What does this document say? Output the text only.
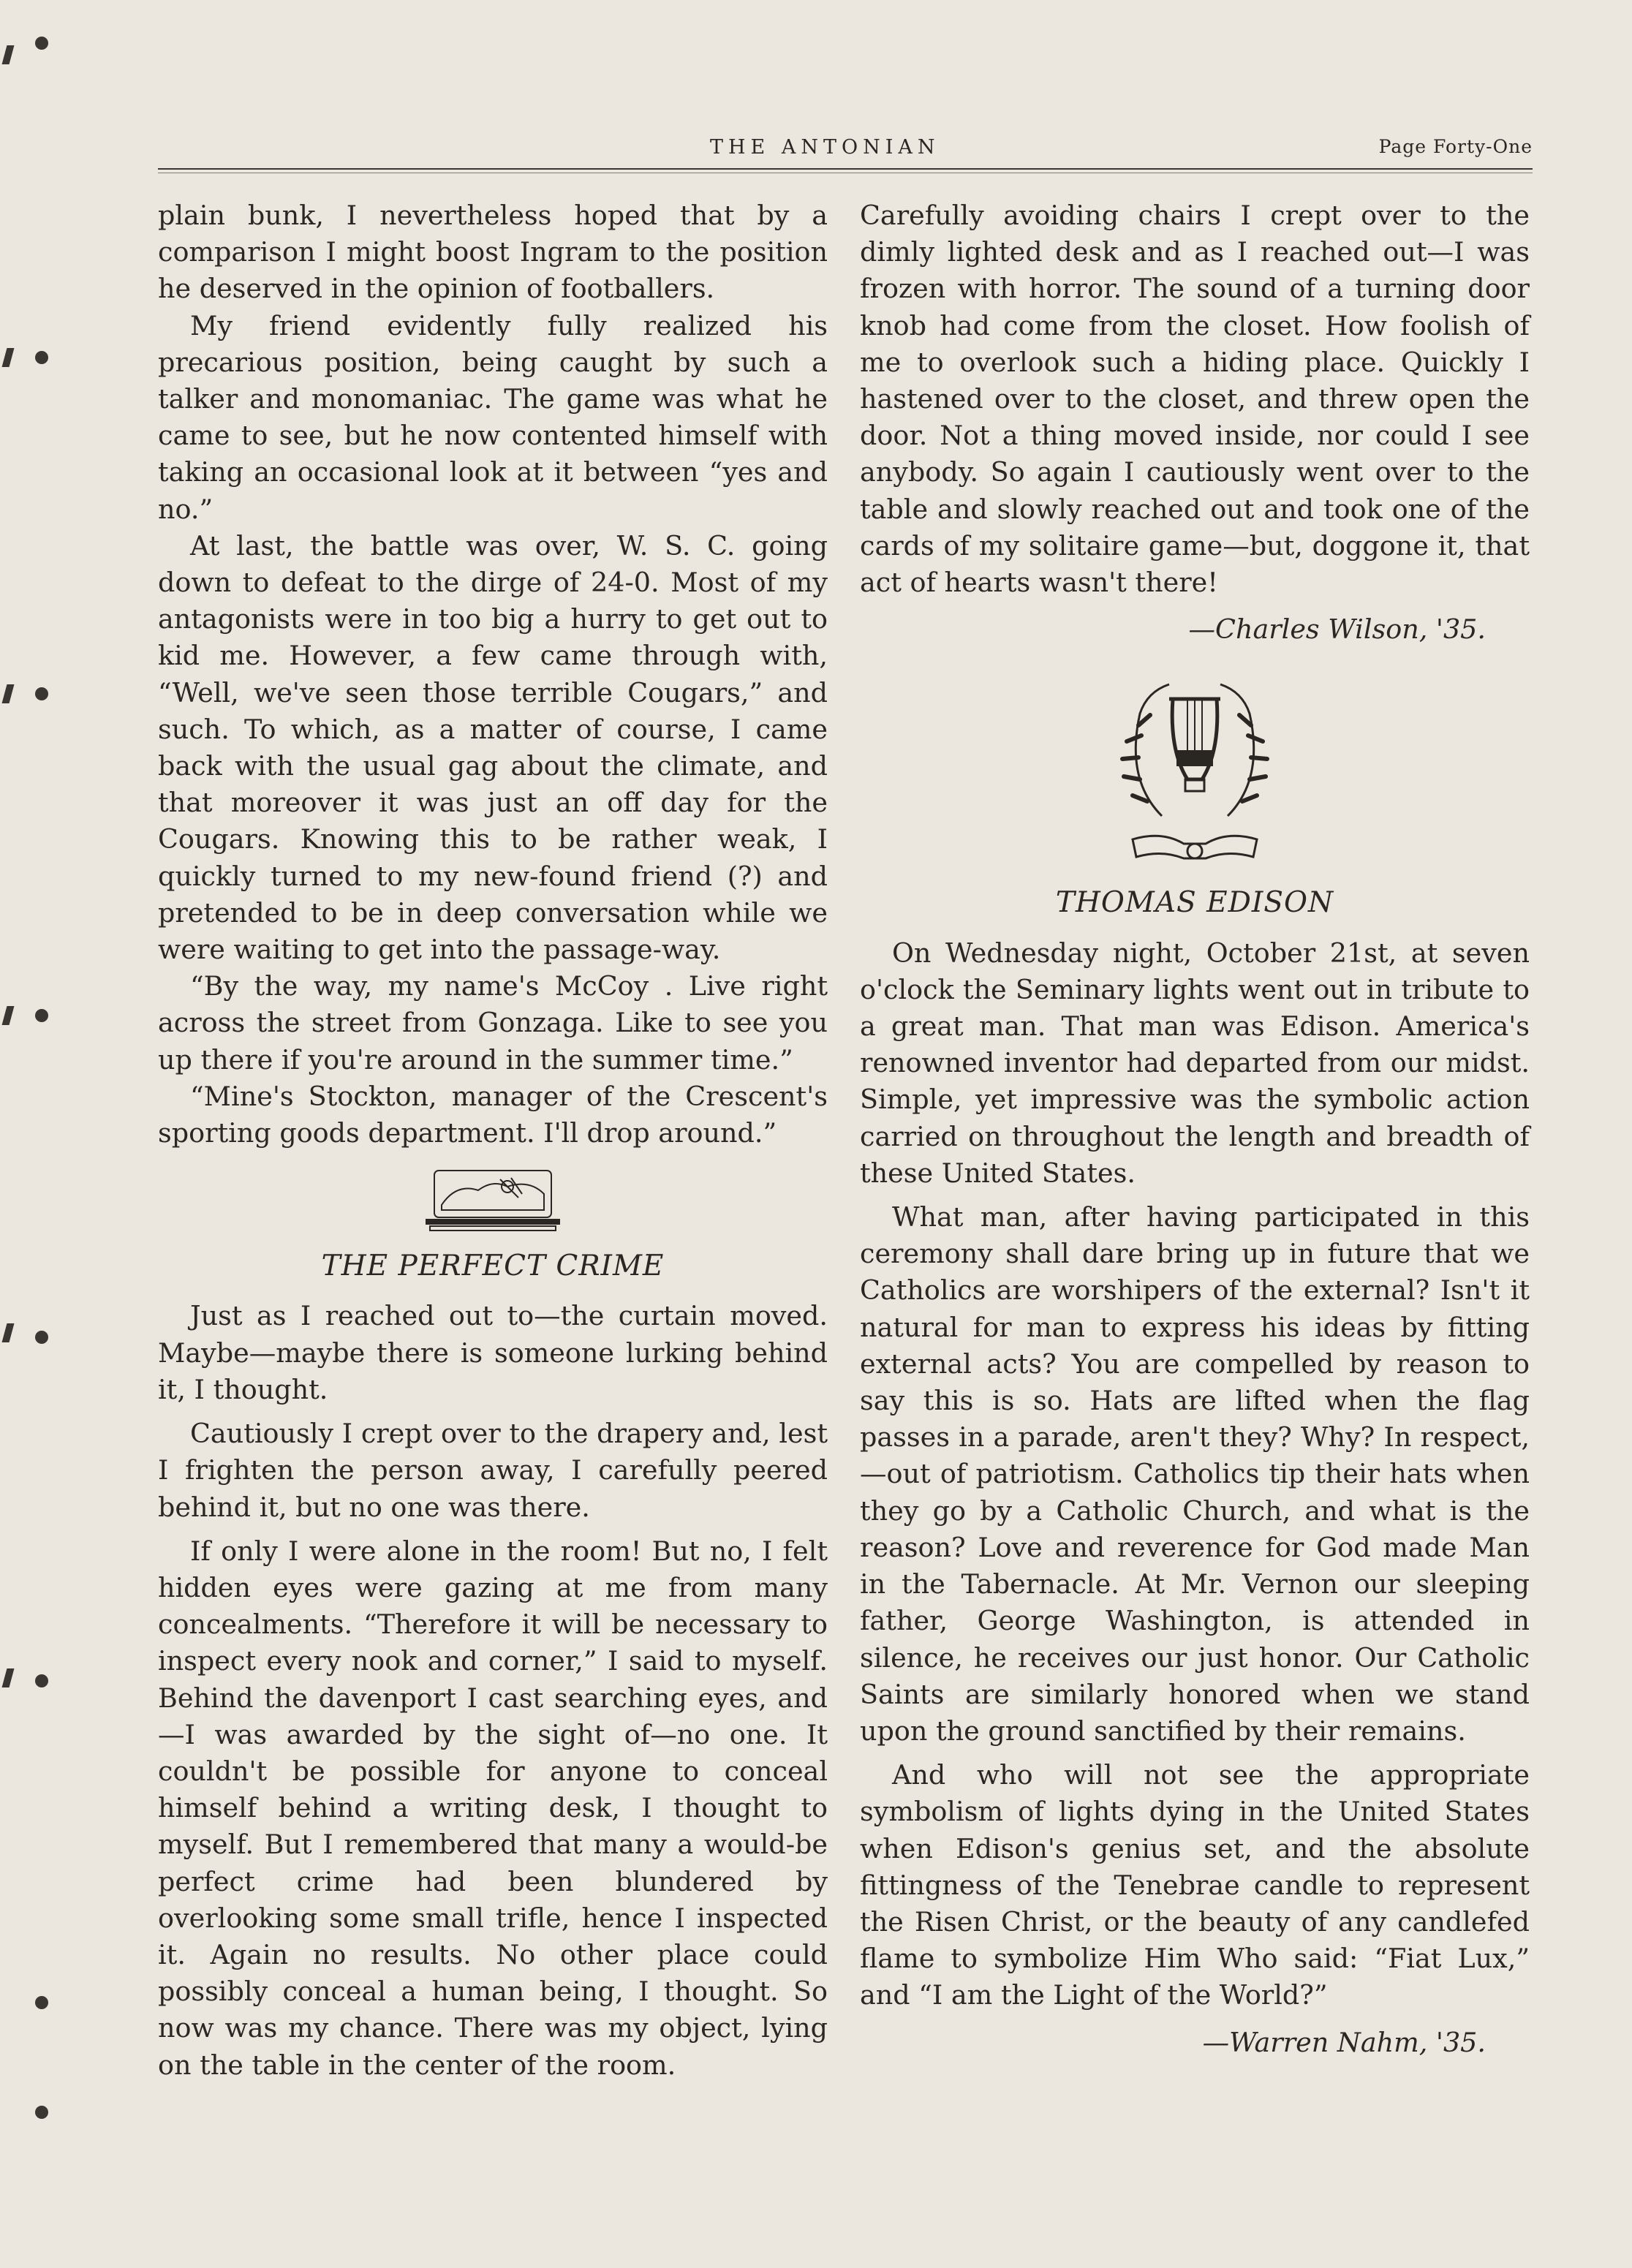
THE ANTONIAN	Page Forty-One

plain bunk, I nevertheless hoped that by a comparison I might boost Ingram to the position he deserved in the opinion of footballers.

My friend evidently fully realized his precarious position, being caught by such a talker and monomaniac. The game was what he came to see, but he now contented himself with taking an occasional look at it between “yes and no.”

At last, the battle was over, W. S. C. going down to defeat to the dirge of 24-0. Most of my antagonists were in too big a hurry to get out to kid me. However, a few came through with, “Well, we've seen those terrible Cougars,” and such. To which, as a matter of course, I came back with the usual gag about the climate, and that moreover it was just an off day for the Cougars. Knowing this to be rather weak, I quickly turned to my new-found friend (?) and pretended to be in deep conversation while we were waiting to get into the passage-way.

“By the way, my name's McCoy . Live right across the street from Gonzaga. Like to see you up there if you're around in the summer time.”

“Mine's Stockton, manager of the Crescent's sporting goods department. I'll drop around.”

THE PERFECT CRIME

Just as I reached out to—the curtain moved. Maybe—maybe there is someone lurking behind it, I thought.

Cautiously I crept over to the drapery and, lest I frighten the person away, I carefully peered behind it, but no one was there.

If only I were alone in the room! But no, I felt hidden eyes were gazing at me from many concealments. “Therefore it will be necessary to inspect every nook and corner,” I said to myself. Behind the davenport I cast searching eyes, and—I was awarded by the sight of—no one. It couldn't be possible for anyone to conceal himself behind a writing desk, I thought to myself. But I remembered that many a would-be perfect crime had been blundered by overlooking some small trifle, hence I inspected it. Again no results. No other place could possibly conceal a human being, I thought. So now was my chance. There was my object, lying on the table in the center of the room.

Carefully avoiding chairs I crept over to the dimly lighted desk and as I reached out—I was frozen with horror. The sound of a turning door knob had come from the closet. How foolish of me to overlook such a hiding place. Quickly I hastened over to the closet, and threw open the door. Not a thing moved inside, nor could I see anybody. So again I cautiously went over to the table and slowly reached out and took one of the cards of my solitaire game—but, doggone it, that act of hearts wasn't there!

—Charles Wilson, '35.

THOMAS EDISON

On Wednesday night, October 21st, at seven o'clock the Seminary lights went out in tribute to a great man. That man was Edison. America's renowned inventor had departed from our midst. Simple, yet impressive was the symbolic action carried on throughout the length and breadth of these United States.

What man, after having participated in this ceremony shall dare bring up in future that we Catholics are worshipers of the external? Isn't it natural for man to express his ideas by fitting external acts? You are compelled by reason to say this is so. Hats are lifted when the flag passes in a parade, aren't they? Why? In respect,—out of patriotism. Catholics tip their hats when they go by a Catholic Church, and what is the reason? Love and reverence for God made Man in the Tabernacle. At Mr. Vernon our sleeping father, George Washington, is attended in silence, he receives our just honor. Our Catholic Saints are similarly honored when we stand upon the ground sanctified by their remains.

And who will not see the appropriate symbolism of lights dying in the United States when Edison's genius set, and the absolute fittingness of the Tenebrae candle to represent the Risen Christ, or the beauty of any candlefed flame to symbolize Him Who said: “Fiat Lux,” and “I am the Light of the World?”

—Warren Nahm, '35.
